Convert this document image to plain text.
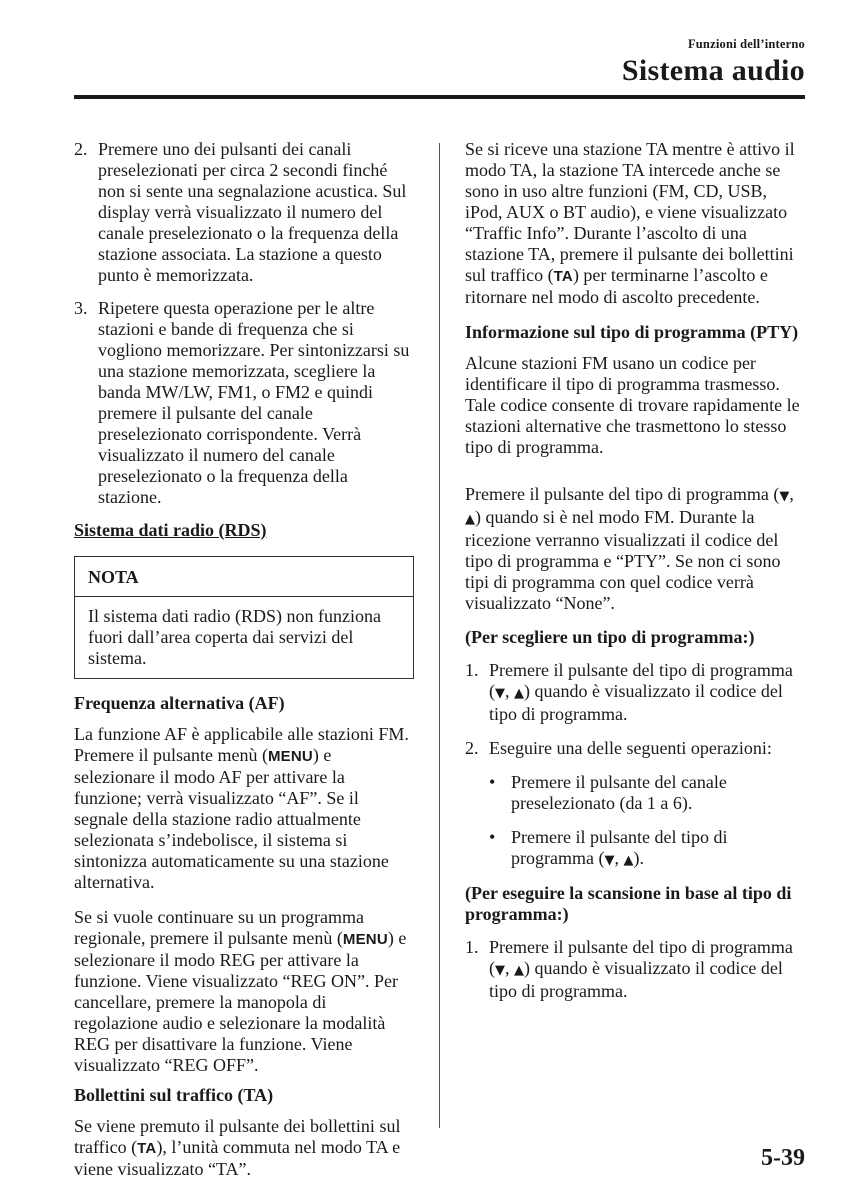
Funzioni dell’interno
Sistema audio
2. Premere uno dei pulsanti dei canali preselezionati per circa 2 secondi finché non si sente una segnalazione acustica. Sul display verrà visualizzato il numero del canale preselezionato o la frequenza della stazione associata. La stazione a questo punto è memorizzata.

3. Ripetere questa operazione per le altre stazioni e bande di frequenza che si vogliono memorizzare. Per sintonizzarsi su una stazione memorizzata, scegliere la banda MW/LW, FM1, o FM2 e quindi premere il pulsante del canale preselezionato corrispondente. Verrà visualizzato il numero del canale preselezionato o la frequenza della stazione.

Sistema dati radio (RDS)

NOTA
Il sistema dati radio (RDS) non funziona fuori dall’area coperta dai servizi del sistema.

Frequenza alternativa (AF)

La funzione AF è applicabile alle stazioni FM. Premere il pulsante menù (MENU) e selezionare il modo AF per attivare la funzione; verrà visualizzato “AF”. Se il segnale della stazione radio attualmente selezionata s’indebolisce, il sistema si sintonizza automaticamente su una stazione alternativa.

Se si vuole continuare su un programma regionale, premere il pulsante menù (MENU) e selezionare il modo REG per attivare la funzione. Viene visualizzato “REG ON”. Per cancellare, premere la manopola di regolazione audio e selezionare la modalità REG per disattivare la funzione. Viene visualizzato “REG OFF”.

Bollettini sul traffico (TA)

Se viene premuto il pulsante dei bollettini sul traffico (TA), l’unità commuta nel modo TA e viene visualizzato “TA”.

Se si riceve una stazione TA mentre è attivo il modo TA, la stazione TA intercede anche se sono in uso altre funzioni (FM, CD, USB, iPod, AUX o BT audio), e viene visualizzato “Traffic Info”. Durante l’ascolto di una stazione TA, premere il pulsante dei bollettini sul traffico (TA) per terminarne l’ascolto e ritornare nel modo di ascolto precedente.

Informazione sul tipo di programma (PTY)

Alcune stazioni FM usano un codice per identificare il tipo di programma trasmesso. Tale codice consente di trovare rapidamente le stazioni alternative che trasmettono lo stesso tipo di programma.

Premere il pulsante del tipo di programma (▼, ▲) quando si è nel modo FM. Durante la ricezione verranno visualizzati il codice del tipo di programma e “PTY”. Se non ci sono tipi di programma con quel codice verrà visualizzato “None”.

(Per scegliere un tipo di programma:)

1. Premere il pulsante del tipo di programma (▼, ▲) quando è visualizzato il codice del tipo di programma.

2. Eseguire una delle seguenti operazioni:

• Premere il pulsante del canale preselezionato (da 1 a 6).

• Premere il pulsante del tipo di programma (▼, ▲).

(Per eseguire la scansione in base al tipo di programma:)

1. Premere il pulsante del tipo di programma (▼, ▲) quando è visualizzato il codice del tipo di programma.

5-39
